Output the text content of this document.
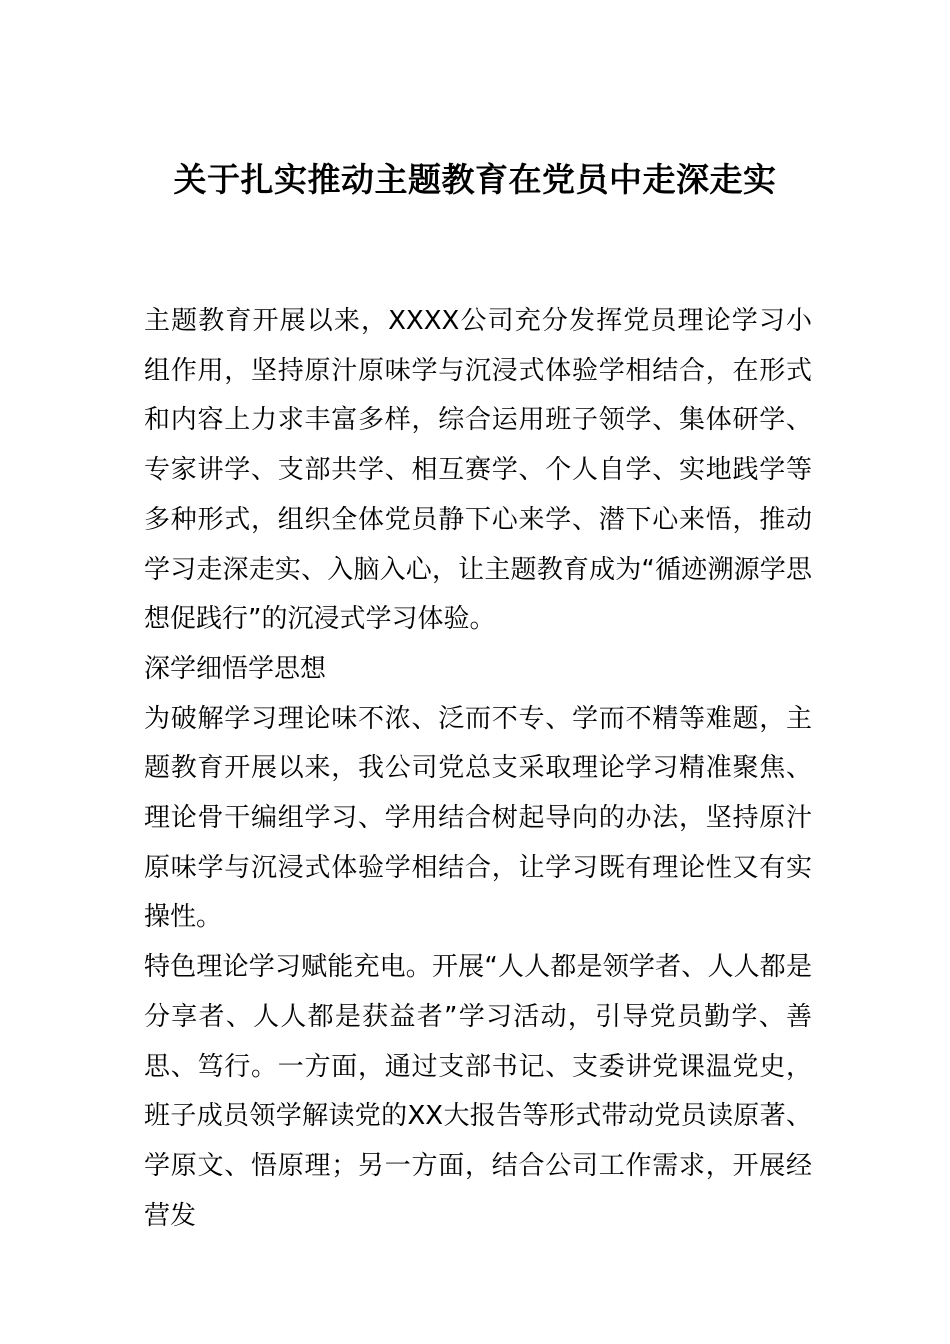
关于扎实推动主题教育在党员中走深走实

主题教育开展以来，XXXX公司充分发挥党员理论学习小组作用，坚持原汁原味学与沉浸式体验学相结合，在形式和内容上力求丰富多样，综合运用班子领学、集体研学、专家讲学、支部共学、相互赛学、个人自学、实地践学等多种形式，组织全体党员静下心来学、潜下心来悟，推动学习走深走实、入脑入心，让主题教育成为“循迹溯源学思想促践行”的沉浸式学习体验。

深学细悟学思想

为破解学习理论味不浓、泛而不专、学而不精等难题，主题教育开展以来，我公司党总支采取理论学习精准聚焦、理论骨干编组学习、学用结合树起导向的办法，坚持原汁原味学与沉浸式体验学相结合，让学习既有理论性又有实操性。

特色理论学习赋能充电。开展“人人都是领学者、人人都是分享者、人人都是获益者”学习活动，引导党员勤学、善思、笃行。一方面，通过支部书记、支委讲党课温党史，班子成员领学解读党的XX大报告等形式带动党员读原著、学原文、悟原理；另一方面，结合公司工作需求，开展经营发
